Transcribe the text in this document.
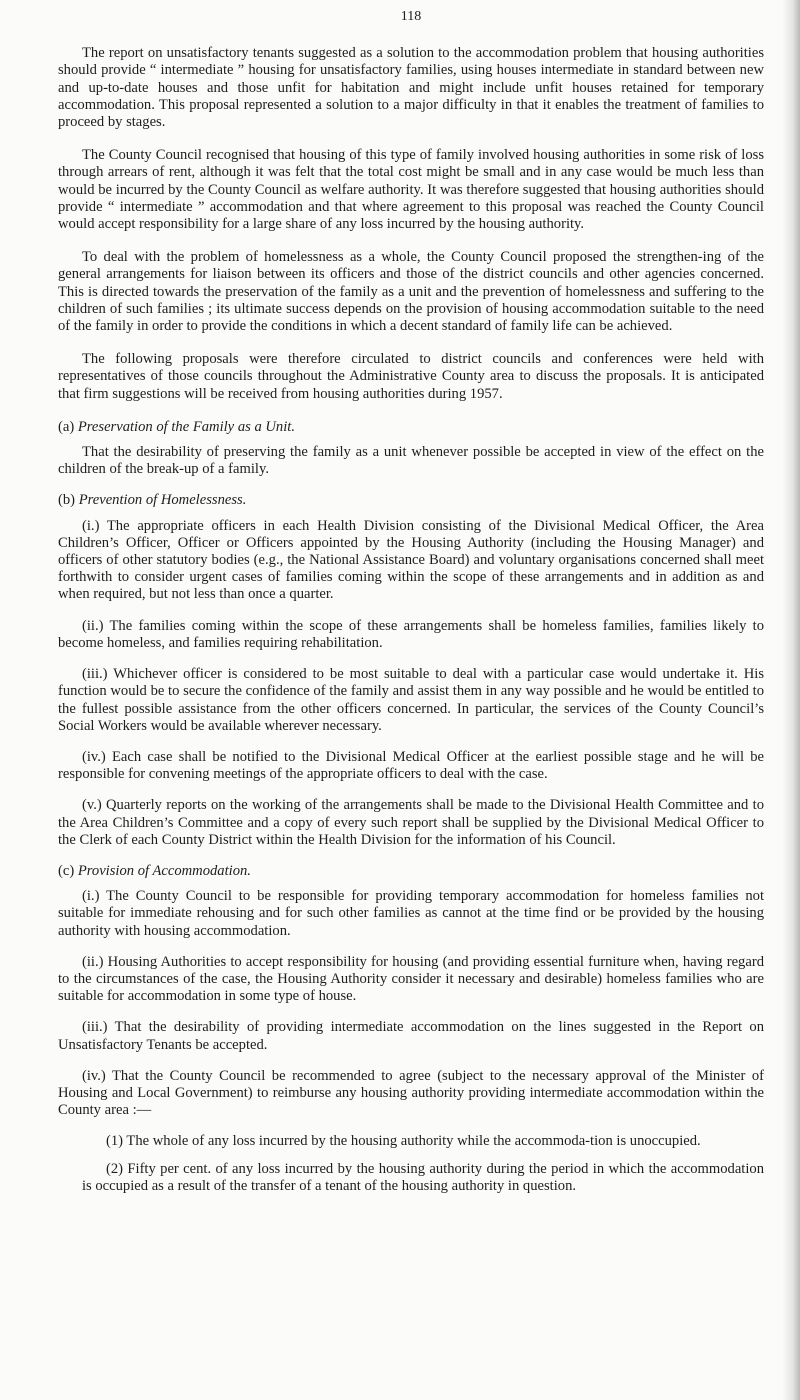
118

The report on unsatisfactory tenants suggested as a solution to the accommodation problem that housing authorities should provide “ intermediate ” housing for unsatisfactory families, using houses intermediate in standard between new and up-to-date houses and those unfit for habitation and might include unfit houses retained for temporary accommodation. This proposal represented a solution to a major difficulty in that it enables the treatment of families to proceed by stages.

The County Council recognised that housing of this type of family involved housing authorities in some risk of loss through arrears of rent, although it was felt that the total cost might be small and in any case would be much less than would be incurred by the County Council as welfare authority. It was therefore suggested that housing authorities should provide “ intermediate ” accommodation and that where agreement to this proposal was reached the County Council would accept responsibility for a large share of any loss incurred by the housing authority.

To deal with the problem of homelessness as a whole, the County Council proposed the strengthen-ing of the general arrangements for liaison between its officers and those of the district councils and other agencies concerned. This is directed towards the preservation of the family as a unit and the prevention of homelessness and suffering to the children of such families ; its ultimate success depends on the provision of housing accommodation suitable to the need of the family in order to provide the conditions in which a decent standard of family life can be achieved.

The following proposals were therefore circulated to district councils and conferences were held with representatives of those councils throughout the Administrative County area to discuss the proposals. It is anticipated that firm suggestions will be received from housing authorities during 1957.

(a) Preservation of the Family as a Unit.

That the desirability of preserving the family as a unit whenever possible be accepted in view of the effect on the children of the break-up of a family.

(b) Prevention of Homelessness.

(i.) The appropriate officers in each Health Division consisting of the Divisional Medical Officer, the Area Children’s Officer, Officer or Officers appointed by the Housing Authority (including the Housing Manager) and officers of other statutory bodies (e.g., the National Assistance Board) and voluntary organisations concerned shall meet forthwith to consider urgent cases of families coming within the scope of these arrangements and in addition as and when required, but not less than once a quarter.

(ii.) The families coming within the scope of these arrangements shall be homeless families, families likely to become homeless, and families requiring rehabilitation.

(iii.) Whichever officer is considered to be most suitable to deal with a particular case would undertake it. His function would be to secure the confidence of the family and assist them in any way possible and he would be entitled to the fullest possible assistance from the other officers concerned. In particular, the services of the County Council’s Social Workers would be available wherever necessary.

(iv.) Each case shall be notified to the Divisional Medical Officer at the earliest possible stage and he will be responsible for convening meetings of the appropriate officers to deal with the case.

(v.) Quarterly reports on the working of the arrangements shall be made to the Divisional Health Committee and to the Area Children’s Committee and a copy of every such report shall be supplied by the Divisional Medical Officer to the Clerk of each County District within the Health Division for the information of his Council.

(c) Provision of Accommodation.

(i.) The County Council to be responsible for providing temporary accommodation for homeless families not suitable for immediate rehousing and for such other families as cannot at the time find or be provided by the housing authority with housing accommodation.

(ii.) Housing Authorities to accept responsibility for housing (and providing essential furniture when, having regard to the circumstances of the case, the Housing Authority consider it necessary and desirable) homeless families who are suitable for accommodation in some type of house.

(iii.) That the desirability of providing intermediate accommodation on the lines suggested in the Report on Unsatisfactory Tenants be accepted.

(iv.) That the County Council be recommended to agree (subject to the necessary approval of the Minister of Housing and Local Government) to reimburse any housing authority providing intermediate accommodation within the County area :—

(1) The whole of any loss incurred by the housing authority while the accommoda-tion is unoccupied.

(2) Fifty per cent. of any loss incurred by the housing authority during the period in which the accommodation is occupied as a result of the transfer of a tenant of the housing authority in question.
